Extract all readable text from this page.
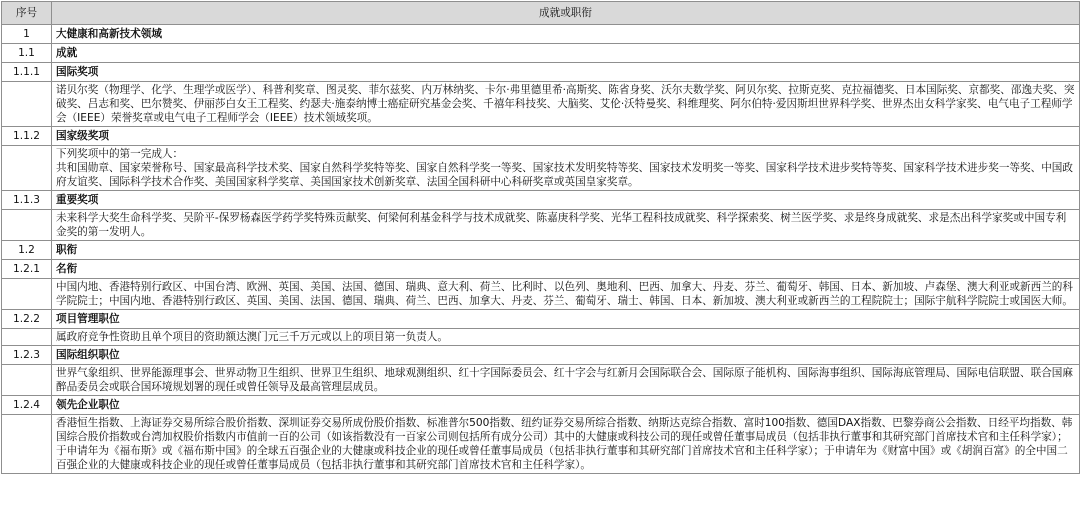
序号	成就或职衔
1	大健康和高新技术领域
1.1	成就
1.1.1	国际奖项
	诺贝尔奖（物理学、化学、生理学或医学）、科普利奖章、图灵奖、菲尔兹奖、内万林纳奖、卡尔·弗里德里希·高斯奖、陈省身奖、沃尔夫数学奖、阿贝尔奖、拉斯克奖、克拉福德奖、日本国际奖、京都奖、邵逸夫奖、突破奖、吕志和奖、巴尔赞奖、伊丽莎白女王工程奖、约瑟夫·施泰纳博士癌症研究基金会奖、千禧年科技奖、大脑奖、艾伦·沃特曼奖、科维理奖、阿尔伯特·爱因斯坦世界科学奖、世界杰出女科学家奖、电气电子工程师学会（IEEE）荣誉奖章或电气电子工程师学会（IEEE）技术领域奖项。
1.1.2	国家级奖项
	下列奖项中的第一完成人：
共和国勋章、国家荣誉称号、国家最高科学技术奖、国家自然科学奖特等奖、国家自然科学奖一等奖、国家技术发明奖特等奖、国家技术发明奖一等奖、国家科学技术进步奖特等奖、国家科学技术进步奖一等奖、中国政府友谊奖、国际科学技术合作奖、美国国家科学奖章、美国国家技术创新奖章、法国全国科研中心科研奖章或英国皇家奖章。
1.1.3	重要奖项
	未来科学大奖生命科学奖、吴阶平-保罗杨森医学药学奖特殊贡献奖、何梁何利基金科学与技术成就奖、陈嘉庚科学奖、光华工程科技成就奖、科学探索奖、树兰医学奖、求是终身成就奖、求是杰出科学家奖或中国专利金奖的第一发明人。
1.2	职衔
1.2.1	名衔
	中国内地、香港特别行政区、中国台湾、欧洲、英国、美国、法国、德国、瑞典、意大利、荷兰、比利时、以色列、奥地利、巴西、加拿大、丹麦、芬兰、葡萄牙、韩国、日本、新加坡、卢森堡、澳大利亚或新西兰的科学院院士；中国内地、香港特别行政区、英国、美国、法国、德国、瑞典、荷兰、巴西、加拿大、丹麦、芬兰、葡萄牙、瑞士、韩国、日本、新加坡、澳大利亚或新西兰的工程院院士；国际宇航科学院院士或国医大师。
1.2.2	项目管理职位
	属政府竞争性资助且单个项目的资助额达澳门元三千万元或以上的项目第一负责人。
1.2.3	国际组织职位
	世界气象组织、世界能源理事会、世界动物卫生组织、世界卫生组织、地球观测组织、红十字国际委员会、红十字会与红新月会国际联合会、国际原子能机构、国际海事组织、国际海底管理局、国际电信联盟、联合国麻醉品委员会或联合国环境规划署的现任或曾任领导及最高管理层成员。
1.2.4	领先企业职位
	香港恒生指数、上海证券交易所综合股价指数、深圳证券交易所成份股价指数、标准普尔500指数、纽约证券交易所综合指数、纳斯达克综合指数、富时100指数、德国DAX指数、巴黎券商公会指数、日经平均指数、韩国综合股价指数或台湾加权股价指数内市值前一百的公司（如该指数没有一百家公司则包括所有成分公司）其中的大健康或科技公司的现任或曾任董事局成员（包括非执行董事和其研究部门首席技术官和主任科学家）；于申请年为《福布斯》或《福布斯中国》的全球五百强企业的大健康或科技企业的现任或曾任董事局成员（包括非执行董事和其研究部门首席技术官和主任科学家）；于申请年为《财富中国》或《胡润百富》的全中国二百强企业的大健康或科技企业的现任或曾任董事局成员（包括非执行董事和其研究部门首席技术官和主任科学家）。
